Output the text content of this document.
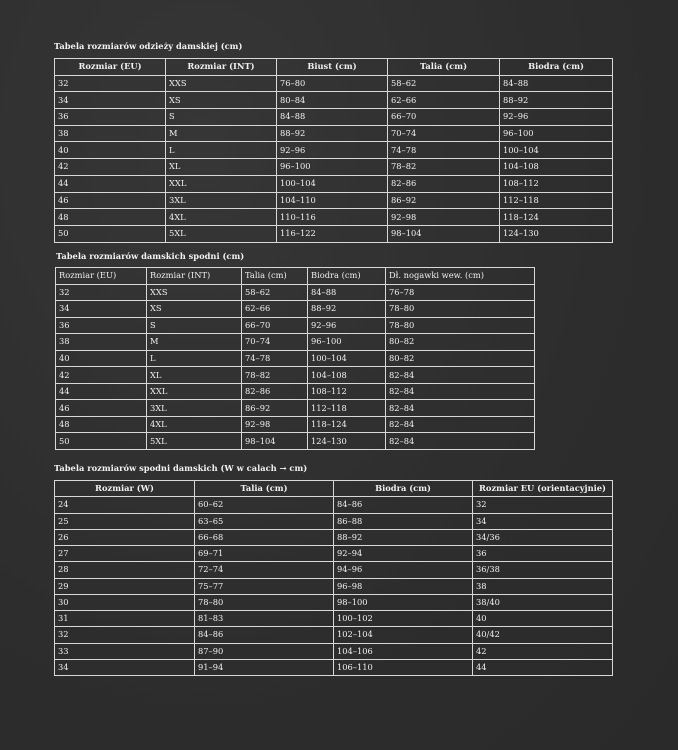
Tabela rozmiarów odzieży damskiej (cm)
Rozmiar (EU)	Rozmiar (INT)	Biust (cm)	Talia (cm)	Biodra (cm)
32	XXS	76–80	58–62	84–88
34	XS	80–84	62–66	88–92
36	S	84–88	66–70	92–96
38	M	88–92	70–74	96–100
40	L	92–96	74–78	100–104
42	XL	96–100	78–82	104–108
44	XXL	100–104	82–86	108–112
46	3XL	104–110	86–92	112–118
48	4XL	110–116	92–98	118–124
50	5XL	116–122	98–104	124–130
Tabela rozmiarów damskich spodni (cm)
Rozmiar (EU)	Rozmiar (INT)	Talia (cm)	Biodra (cm)	Dł. nogawki wew. (cm)
32	XXS	58–62	84–88	76–78
34	XS	62–66	88–92	78–80
36	S	66–70	92–96	78–80
38	M	70–74	96–100	80–82
40	L	74–78	100–104	80–82
42	XL	78–82	104–108	82–84
44	XXL	82–86	108–112	82–84
46	3XL	86–92	112–118	82–84
48	4XL	92–98	118–124	82–84
50	5XL	98–104	124–130	82–84
Tabela rozmiarów spodni damskich (W w calach → cm)
Rozmiar (W)	Talia (cm)	Biodra (cm)	Rozmiar EU (orientacyjnie)
24	60–62	84–86	32
25	63–65	86–88	34
26	66–68	88–92	34/36
27	69–71	92–94	36
28	72–74	94–96	36/38
29	75–77	96–98	38
30	78–80	98–100	38/40
31	81–83	100–102	40
32	84–86	102–104	40/42
33	87–90	104–106	42
34	91–94	106–110	44
